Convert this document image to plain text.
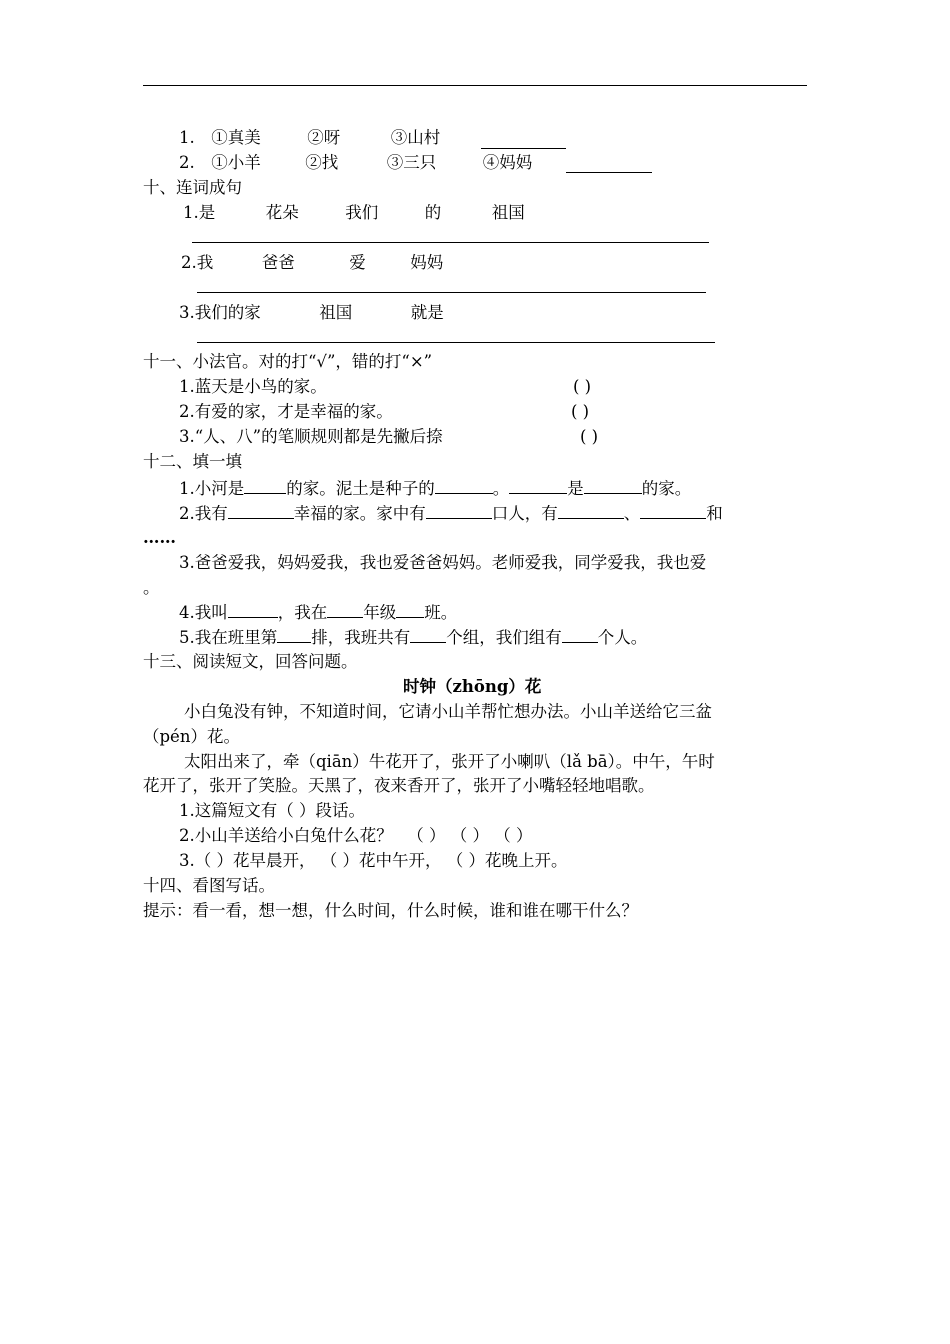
1. ①真美	②呀	③山村
2. ①小羊	②找	③三只	④妈妈
十、连词成句
1.是	花朵	我们	的	祖国
2.我	爸爸	爱	妈妈
3.我们的家	祖国	就是
十一、小法官。对的打“√”，错的打“×”
1.蓝天是小鸟的家。	( )
2.有爱的家，才是幸福的家。	( )
3.“人、八”的笔顺规则都是先撇后捺	( )
十二、填一填
1.小河是	的家。泥土是种子的	。	是	的家。
2.我有	幸福的家。家中有	口人，有	、	和
……
3.爸爸爱我，妈妈爱我，我也爱爸爸妈妈。老师爱我，同学爱我，我也爱
。
4.我叫	，我在 年级 班。
5.我在班里第 排，我班共有 个组，我们组有 个人。
十三、阅读短文，回答问题。
时钟（zhōng）花
小白兔没有钟，不知道时间，它请小山羊帮忙想办法。小山羊送给它三盆
（pén）花。
太阳出来了，牵（qiān）牛花开了，张开了小喇叭（lǎ bā）。中午，午时
花开了，张开了笑脸。天黑了，夜来香开了，张开了小嘴轻轻地唱歌。
1.这篇短文有（ ）段话。
2.小山羊送给小白兔什么花？ （ ） （ ） （ ）
3.（ ）花早晨开， （ ）花中午开， （ ）花晚上开。
十四、看图写话。
提示：看一看，想一想，什么时间，什么时候，谁和谁在哪干什么？
